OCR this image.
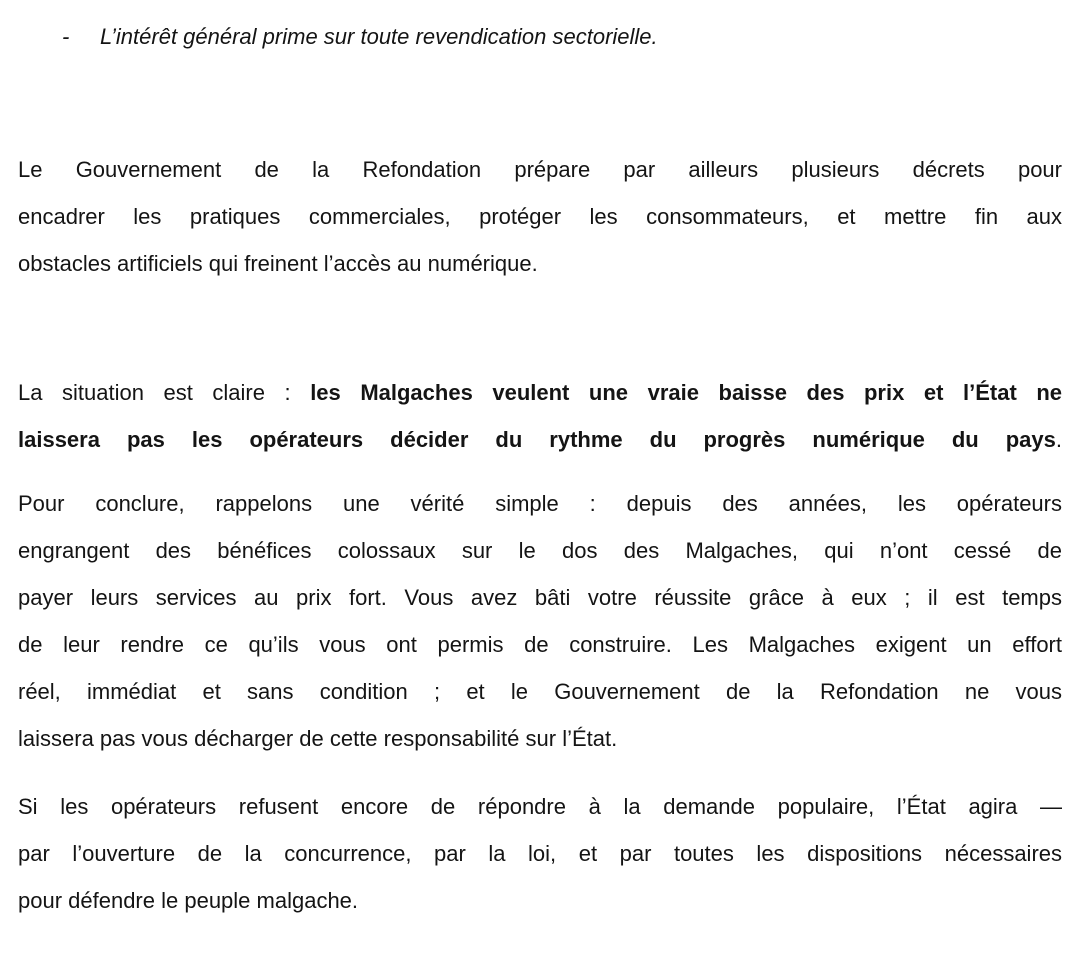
- L’intérêt général prime sur toute revendication sectorielle.
Le Gouvernement de la Refondation prépare par ailleurs plusieurs décrets pour
encadrer les pratiques commerciales, protéger les consommateurs, et mettre fin aux
obstacles artificiels qui freinent l’accès au numérique.
La situation est claire : les Malgaches veulent une vraie baisse des prix et l’État ne
laissera pas les opérateurs décider du rythme du progrès numérique du pays.
Pour conclure, rappelons une vérité simple : depuis des années, les opérateurs
engrangent des bénéfices colossaux sur le dos des Malgaches, qui n’ont cessé de
payer leurs services au prix fort. Vous avez bâti votre réussite grâce à eux ; il est temps
de leur rendre ce qu’ils vous ont permis de construire. Les Malgaches exigent un effort
réel, immédiat et sans condition ; et le Gouvernement de la Refondation ne vous
laissera pas vous décharger de cette responsabilité sur l’État.
Si les opérateurs refusent encore de répondre à la demande populaire, l’État agira —
par l’ouverture de la concurrence, par la loi, et par toutes les dispositions nécessaires
pour défendre le peuple malgache.
